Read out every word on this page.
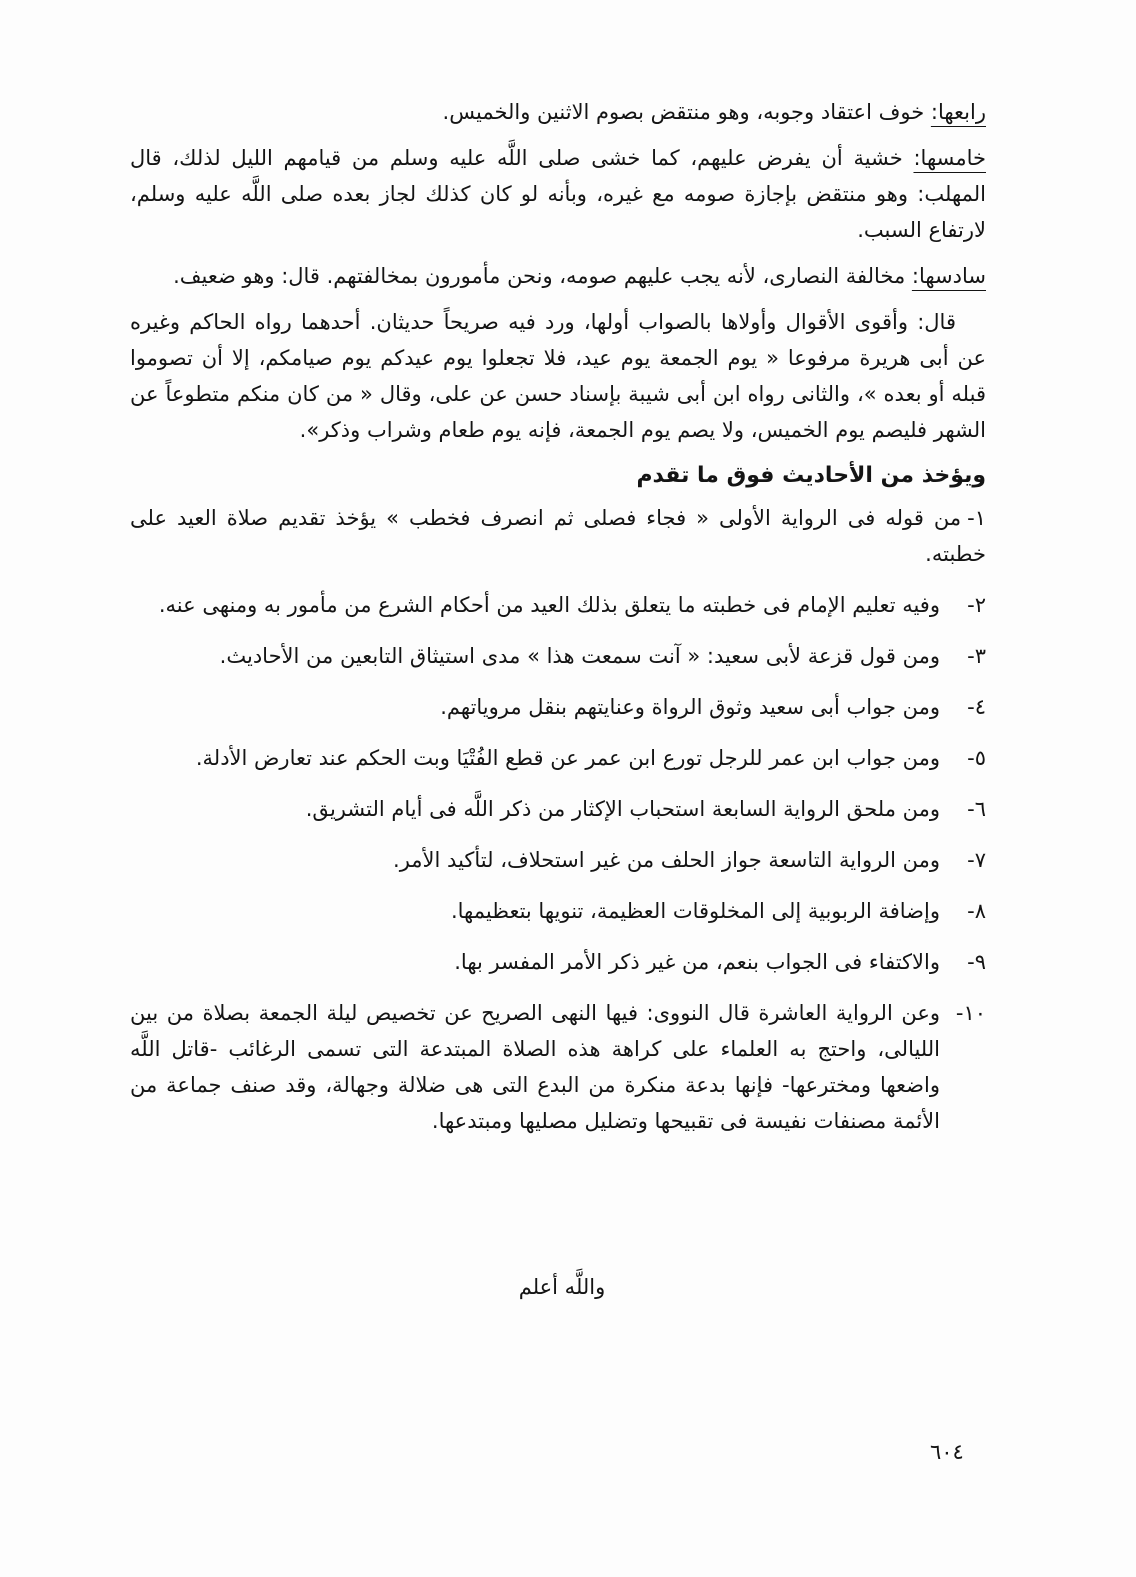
رابعها: خوف اعتقاد وجوبه، وهو منتقض بصوم الاثنين والخميس.

خامسها: خشية أن يفرض عليهم، كما خشى صلى اللَّه عليه وسلم من قيامهم الليل لذلك، قال المهلب: وهو منتقض بإجازة صومه مع غيره، وبأنه لو كان كذلك لجاز بعده صلى اللَّه عليه وسلم، لارتفاع السبب.

سادسها: مخالفة النصارى، لأنه يجب عليهم صومه، ونحن مأمورون بمخالفتهم. قال: وهو ضعيف.

قال: وأقوى الأقوال وأولاها بالصواب أولها، ورد فيه صريحاً حديثان. أحدهما رواه الحاكم وغيره عن أبى هريرة مرفوعا « يوم الجمعة يوم عيد، فلا تجعلوا يوم عيدكم يوم صيامكم، إلا أن تصوموا قبله أو بعده »، والثانى رواه ابن أبى شيبة بإسناد حسن عن على، وقال « من كان منكم متطوعاً عن الشهر فليصم يوم الخميس، ولا يصم يوم الجمعة، فإنه يوم طعام وشراب وذكر».

ويؤخذ من الأحاديث فوق ما تقدم

١-من قوله فى الرواية الأولى « فجاء فصلى ثم انصرف فخطب » يؤخذ تقديم صلاة العيد على خطبته.
٢-وفيه تعليم الإمام فى خطبته ما يتعلق بذلك العيد من أحكام الشرع من مأمور به ومنهى عنه.
٣-ومن قول قزعة لأبى سعيد: « آنت سمعت هذا » مدى استيثاق التابعين من الأحاديث.
٤-ومن جواب أبى سعيد وثوق الرواة وعنايتهم بنقل مروياتهم.
٥-ومن جواب ابن عمر للرجل تورع ابن عمر عن قطع الفُتْيَا وبت الحكم عند تعارض الأدلة.
٦-ومن ملحق الرواية السابعة استحباب الإكثار من ذكر اللَّه فى أيام التشريق.
٧-ومن الرواية التاسعة جواز الحلف من غير استحلاف، لتأكيد الأمر.
٨-وإضافة الربوبية إلى المخلوقات العظيمة، تنويها بتعظيمها.
٩-والاكتفاء فى الجواب بنعم، من غير ذكر الأمر المفسر بها.
١٠-وعن الرواية العاشرة قال النووى: فيها النهى الصريح عن تخصيص ليلة الجمعة بصلاة من بين الليالى، واحتج به العلماء على كراهة هذه الصلاة المبتدعة التى تسمى الرغائب -قاتل اللَّه واضعها ومخترعها- فإنها بدعة منكرة من البدع التى هى ضلالة وجهالة، وقد صنف جماعة من الأئمة مصنفات نفيسة فى تقبيحها وتضليل مصليها ومبتدعها.
واللَّه أعلم
٦٠٤
